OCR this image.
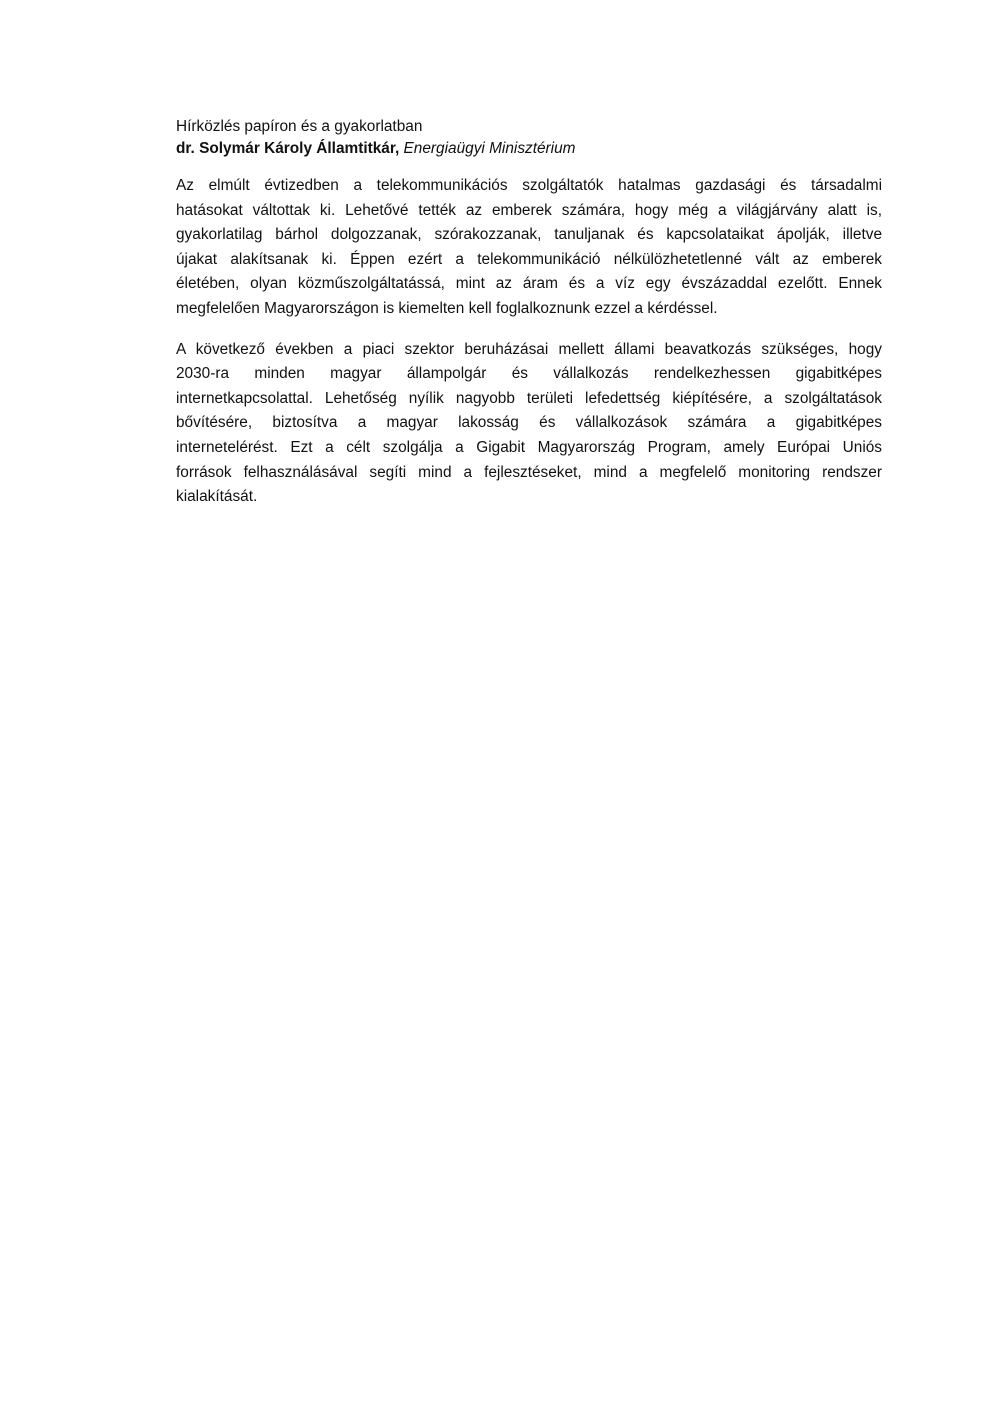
Hírközlés papíron és a gyakorlatban

dr. Solymár Károly Államtitkár, Energiaügyi Minisztérium

Az elmúlt évtizedben a telekommunikációs szolgáltatók hatalmas gazdasági és társadalmi
hatásokat váltottak ki. Lehetővé tették az emberek számára, hogy még a világjárvány alatt is,
gyakorlatilag bárhol dolgozzanak, szórakozzanak, tanuljanak és kapcsolataikat ápolják, illetve
újakat alakítsanak ki. Éppen ezért a telekommunikáció nélkülözhetetlenné vált az emberek
életében, olyan közműszolgáltatássá, mint az áram és a víz egy évszázaddal ezelőtt. Ennek
megfelelően Magyarországon is kiemelten kell foglalkoznunk ezzel a kérdéssel.
A következő években a piaci szektor beruházásai mellett állami beavatkozás szükséges, hogy
2030-ra minden magyar állampolgár és vállalkozás rendelkezhessen gigabitképes
internetkapcsolattal. Lehetőség nyílik nagyobb területi lefedettség kiépítésére, a szolgáltatások
bővítésére, biztosítva a magyar lakosság és vállalkozások számára a gigabitképes
internetelérést. Ezt a célt szolgálja a Gigabit Magyarország Program, amely Európai Uniós
források felhasználásával segíti mind a fejlesztéseket, mind a megfelelő monitoring rendszer
kialakítását.
